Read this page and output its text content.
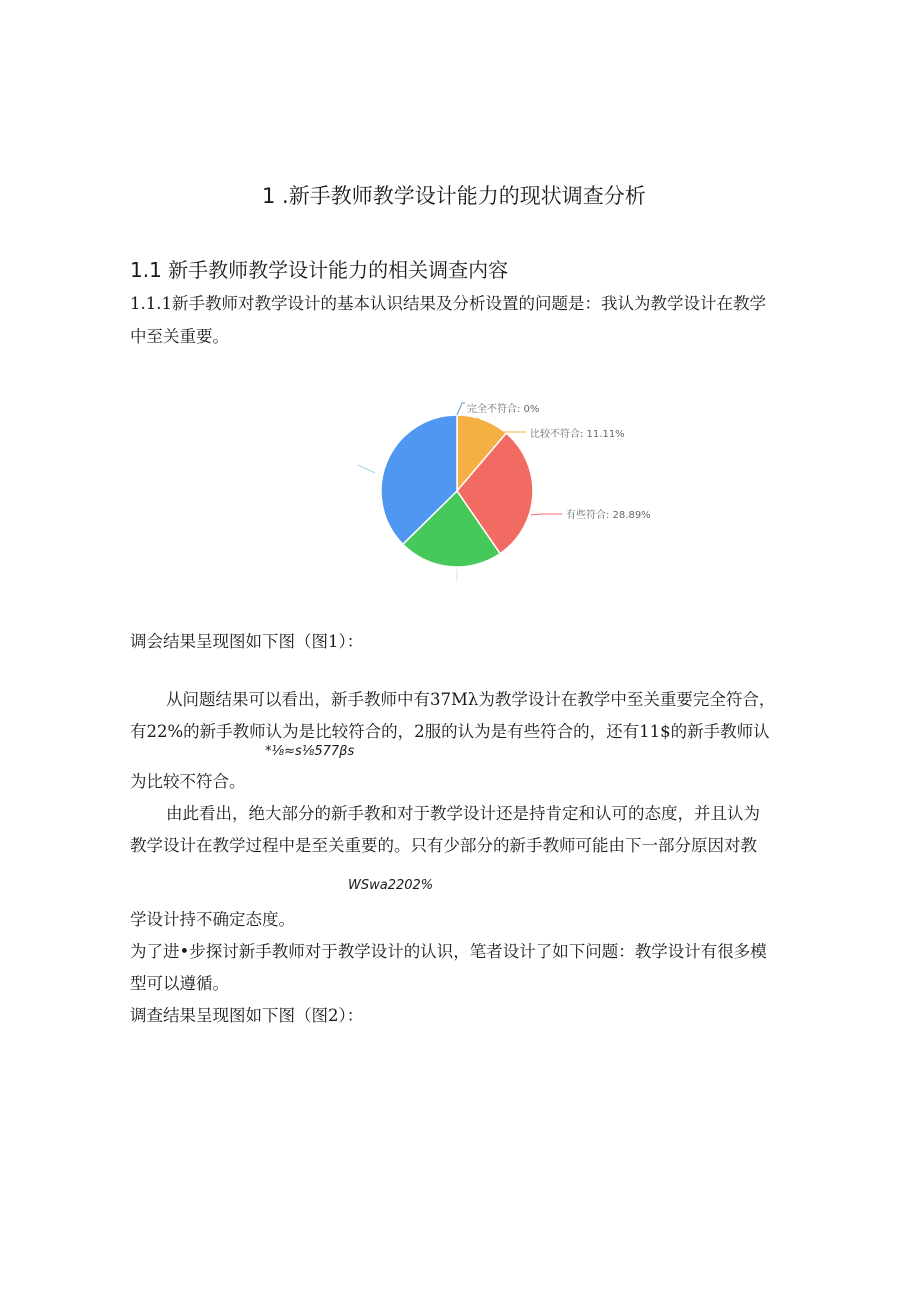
1 .新手教师教学设计能力的现状调查分析
1.1 新手教师教学设计能力的相关调查内容
1.1.1新手教师对教学设计的基本认识结果及分析设置的问题是：我认为教学设计在教学
中至关重要。
完全不符合: 0%
比较不符合: 11.11%
有些符合: 28.89%
调会结果呈现图如下图（图1）：
从问题结果可以看出，新手教师中有37Mλ为教学设计在教学中至关重要完全符合，
有22%的新手教师认为是比较符合的，2服的认为是有些符合的，还有11$的新手教师认
*⅛≈s⅛577βs
为比较不符合。
由此看出，绝大部分的新手教和对于教学设计还是持肯定和认可的态度，并且认为
教学设计在教学过程中是至关重要的。只有少部分的新手教师可能由下一部分原因对教
WSwa2202%
学设计持不确定态度。
为了进•步探讨新手教师对于教学设计的认识，笔者设计了如下问题：教学设计有很多模
型可以遵循。
调查结果呈现图如下图（图2）：
